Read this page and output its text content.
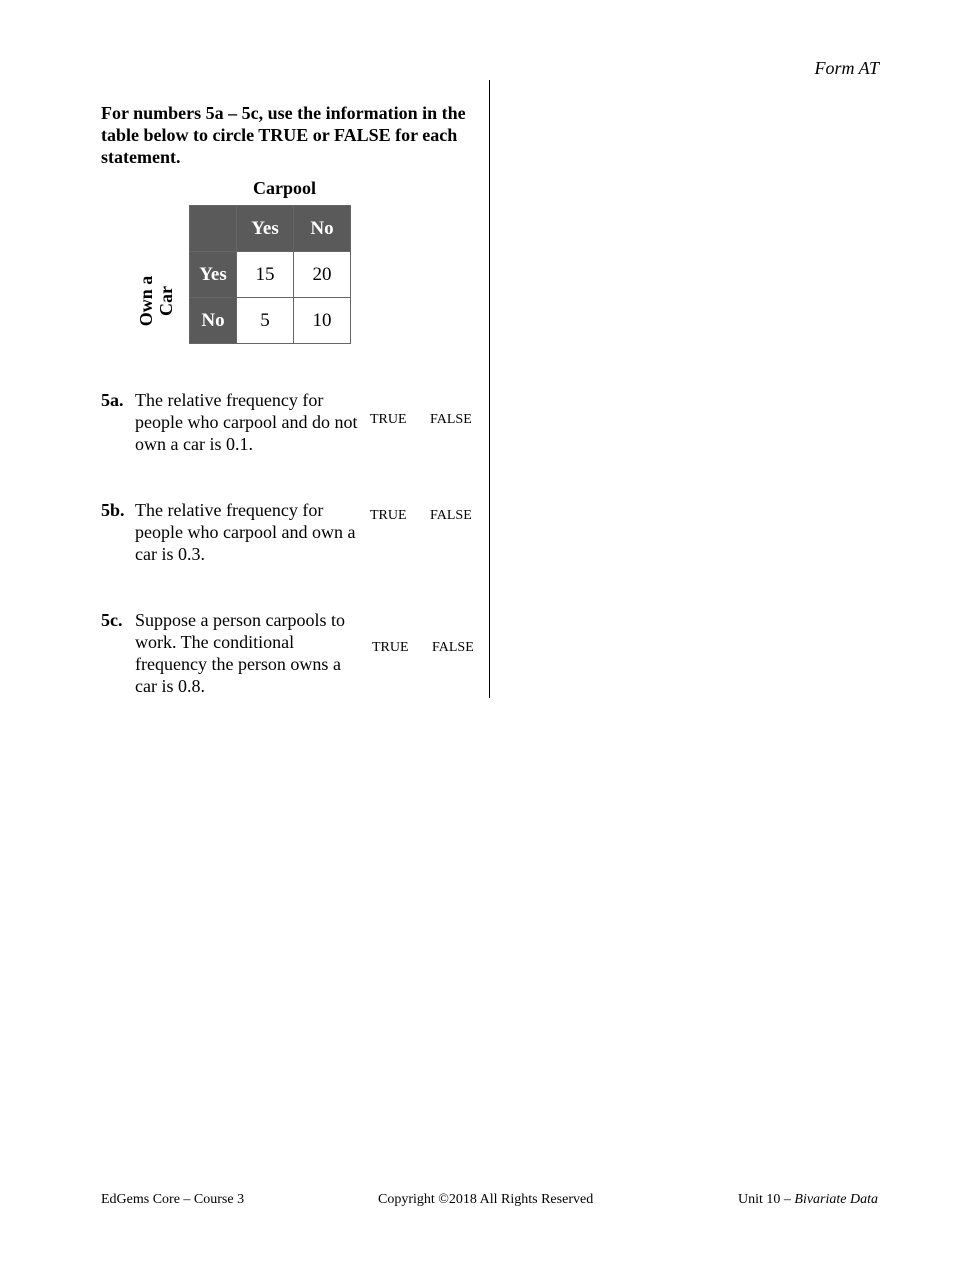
Form AT
For numbers 5a – 5c, use the information in the table below to circle TRUE or FALSE for each statement.
Carpool
Own a Car
	Yes	No
Yes	15	20
No	5	10
5a. The relative frequency for people who carpool and do not own a car is 0.1.
TRUE FALSE
5b. The relative frequency for people who carpool and own a car is 0.3.
TRUE FALSE
5c. Suppose a person carpools to work. The conditional frequency the person owns a car is 0.8.
TRUE FALSE
EdGems Core – Course 3	Copyright ©2018 All Rights Reserved	Unit 10 – Bivariate Data
